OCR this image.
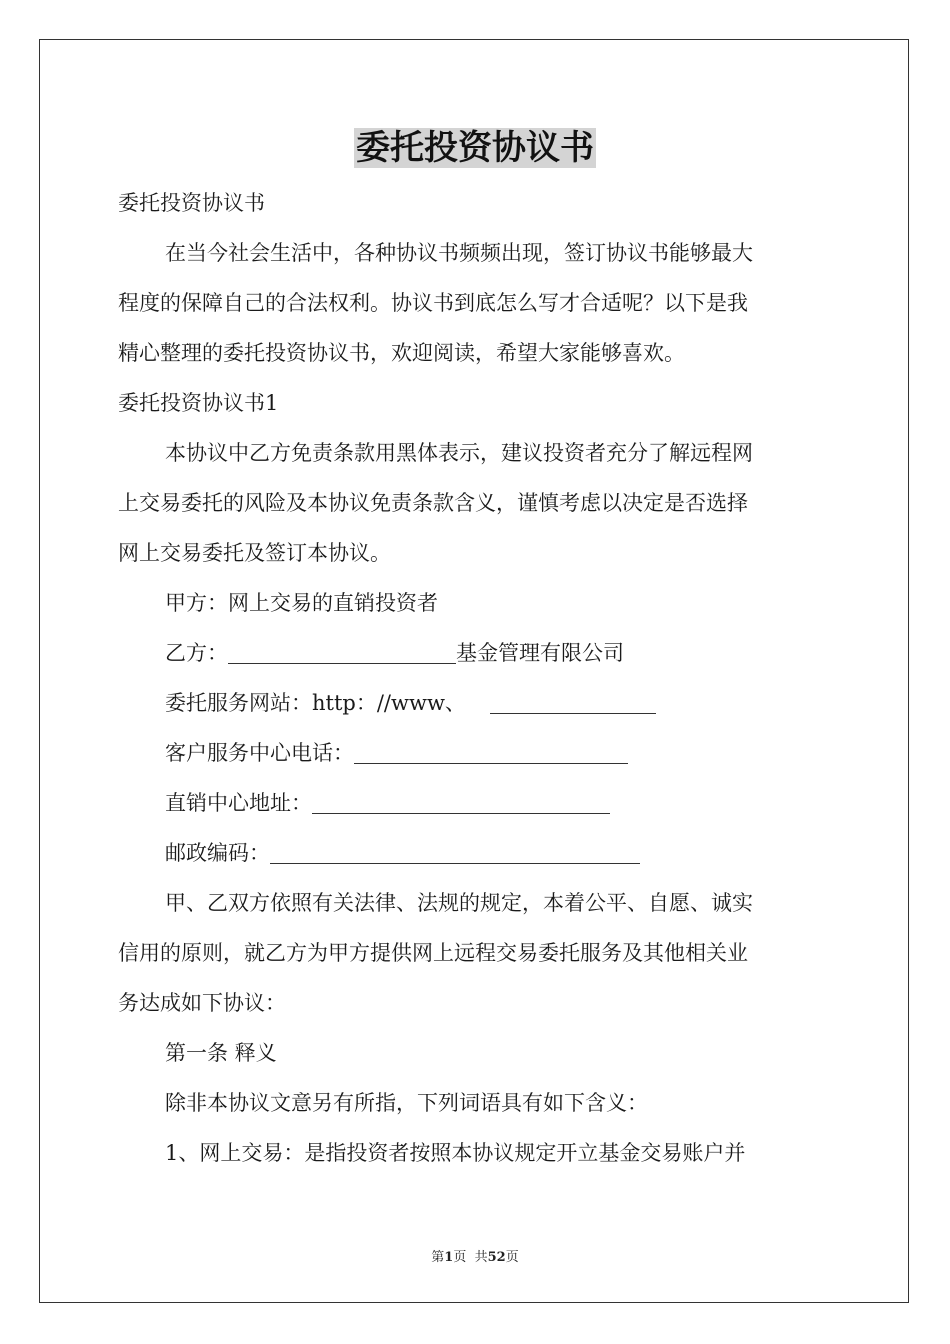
委托投资协议书
委托投资协议书
在当今社会生活中，各种协议书频频出现，签订协议书能够最大
程度的保障自己的合法权利。协议书到底怎么写才合适呢？以下是我
精心整理的委托投资协议书，欢迎阅读，希望大家能够喜欢。
委托投资协议书1
本协议中乙方免责条款用黑体表示，建议投资者充分了解远程网
上交易委托的风险及本协议免责条款含义，谨慎考虑以决定是否选择
网上交易委托及签订本协议。
甲方：网上交易的直销投资者
乙方：	基金管理有限公司
委托服务网站：http：//www、
客户服务中心电话：
直销中心地址：
邮政编码：
甲、乙双方依照有关法律、法规的规定，本着公平、自愿、诚实
信用的原则，就乙方为甲方提供网上远程交易委托服务及其他相关业
务达成如下协议：
第一条 释义
除非本协议文意另有所指，下列词语具有如下含义：
1、网上交易：是指投资者按照本协议规定开立基金交易账户并
第1页  共52页
